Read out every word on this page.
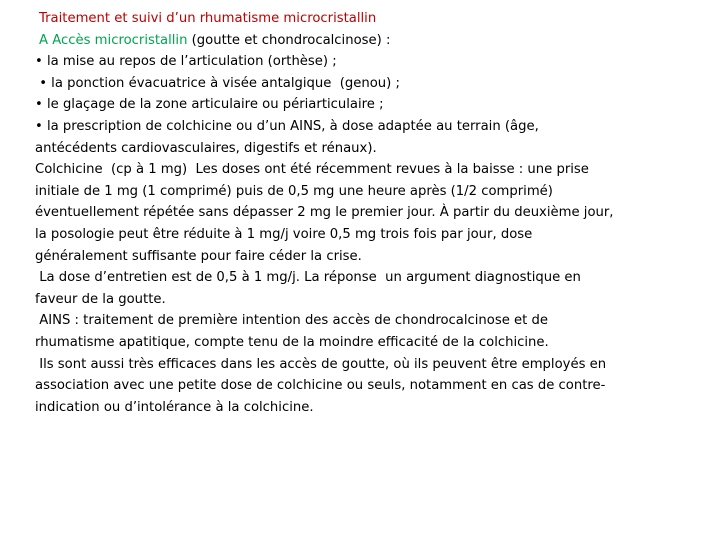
Traitement et suivi d’un rhumatisme microcristallin
A Accès microcristallin (goutte et chondrocalcinose) :
• la mise au repos de l’articulation (orthèse) ;
• la ponction évacuatrice à visée antalgique  (genou) ;
• le glaçage de la zone articulaire ou périarticulaire ;
• la prescription de colchicine ou d’un AINS, à dose adaptée au terrain (âge,
antécédents cardiovasculaires, digestifs et rénaux).
Colchicine  (cp à 1 mg)  Les doses ont été récemment revues à la baisse : une prise
initiale de 1 mg (1 comprimé) puis de 0,5 mg une heure après (1/2 comprimé)
éventuellement répétée sans dépasser 2 mg le premier jour. À partir du deuxième jour,
la posologie peut être réduite à 1 mg/j voire 0,5 mg trois fois par jour, dose
généralement suffisante pour faire céder la crise.
La dose d’entretien est de 0,5 à 1 mg/j. La réponse  un argument diagnostique en
faveur de la goutte.
AINS : traitement de première intention des accès de chondrocalcinose et de
rhumatisme apatitique, compte tenu de la moindre efficacité de la colchicine.
Ils sont aussi très efficaces dans les accès de goutte, où ils peuvent être employés en
association avec une petite dose de colchicine ou seuls, notamment en cas de contre-
indication ou d’intolérance à la colchicine.
